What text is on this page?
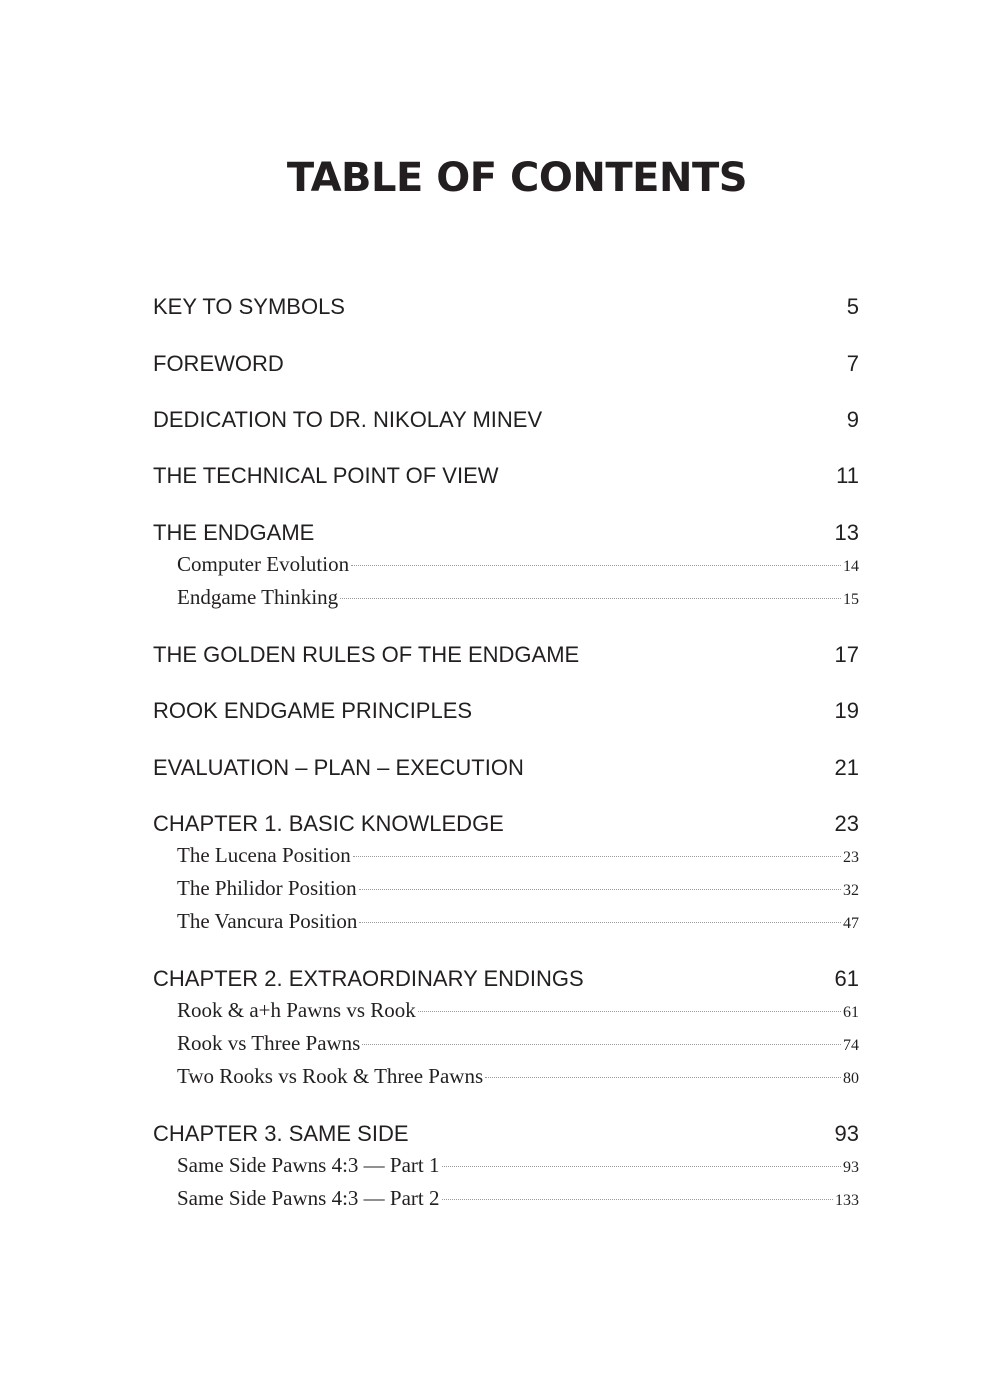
TABLE OF CONTENTS
KEY TO SYMBOLS	5
FOREWORD	7
DEDICATION TO DR. NIKOLAY MINEV	9
THE TECHNICAL POINT OF VIEW	11
THE ENDGAME	13
Computer Evolution	14
Endgame Thinking	15
THE GOLDEN RULES OF THE ENDGAME	17
ROOK ENDGAME PRINCIPLES	19
EVALUATION – PLAN – EXECUTION	21
CHAPTER 1. BASIC KNOWLEDGE	23
The Lucena Position	23
The Philidor Position	32
The Vancura Position	47
CHAPTER 2. EXTRAORDINARY ENDINGS	61
Rook & a+h Pawns vs Rook	61
Rook vs Three Pawns	74
Two Rooks vs Rook & Three Pawns	80
CHAPTER 3. SAME SIDE	93
Same Side Pawns 4:3 — Part 1	93
Same Side Pawns 4:3 — Part 2	133
